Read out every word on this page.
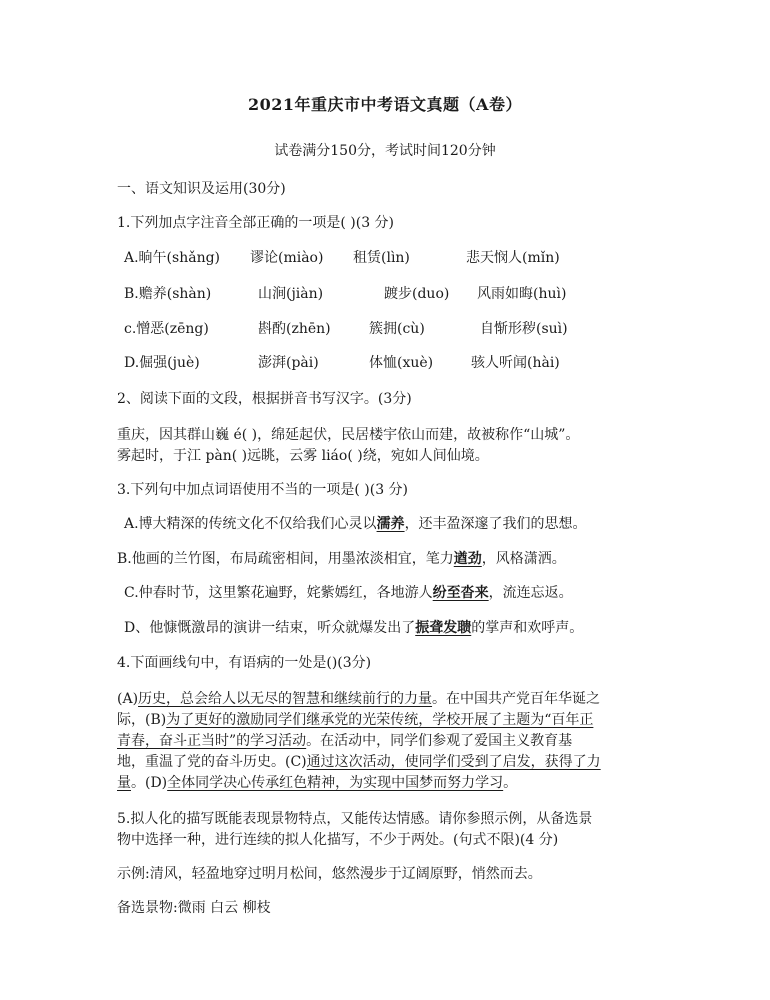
2021年重庆市中考语文真题（A卷）
试卷满分150分，考试时间120分钟
一、语文知识及运用(30分)
1.下列加点字注音全部正确的一项是( )(3 分)
A.晌午(shǎng) 谬论(miào) 租赁(lìn)	悲天悯人(mǐn)
B.赡养(shàn)	山涧(jiàn)	踱步(duo) 风雨如晦(huì)
c.憎恶(zēng)	斟酌(zhēn)	簇拥(cù)	自惭形秽(suì)
D.倔强(juè)	澎湃(pài)	体恤(xuè)	骇人听闻(hài)
2、阅读下面的文段，根据拼音书写汉字。(3分)
重庆，因其群山巍 é( )，绵延起伏，民居楼宇依山而建，故被称作“山城”。
雾起时，于江 pàn( )远眺，云雾 liáo( )绕，宛如人间仙境。
3.下列句中加点词语使用不当的一项是( )(3 分)
A.博大精深的传统文化不仅给我们心灵以濡养，还丰盈深邃了我们的思想。
B.他画的兰竹图，布局疏密相间，用墨浓淡相宜，笔力遒劲，风格潇洒。
C.仲春时节，这里繁花遍野，姹紫嫣红，各地游人纷至沓来，流连忘返。
D、他慷慨激昂的演讲一结束，听众就爆发出了振聋发聩的掌声和欢呼声。
4.下面画线句中，有语病的一处是()(3分)
(A)历史，总会给人以无尽的智慧和继续前行的力量。在中国共产党百年华诞之
际，(B)为了更好的激励同学们继承党的光荣传统，学校开展了主题为“百年正
青春，奋斗正当时”的学习活动。在活动中，同学们参观了爱国主义教育基
地，重温了党的奋斗历史。(C)通过这次活动，使同学们受到了启发，获得了力
量。(D)全体同学决心传承红色精神，为实现中国梦而努力学习。
5.拟人化的描写既能表现景物特点，又能传达情感。请你参照示例，从备选景
物中选择一种，进行连续的拟人化描写，不少于两处。(句式不限)(4 分)
示例:清风，轻盈地穿过明月松间，悠然漫步于辽阔原野，悄然而去。
备选景物:微雨 白云 柳枝
